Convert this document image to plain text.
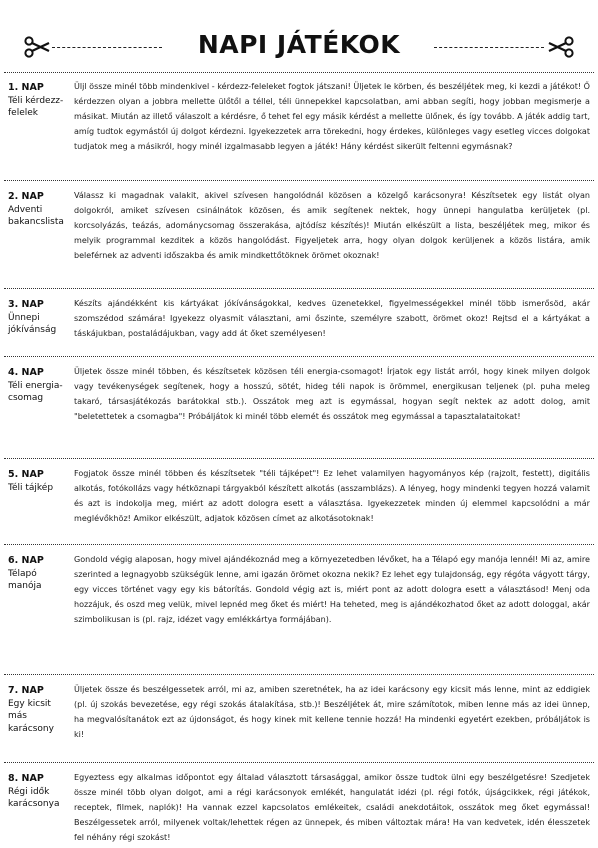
NAPI JÁTÉKOK
1. NAP
Téli kérdezz-felelek
Üljl össze minél több mindenkivel - kérdezz-feleleket fogtok játszani! Üljetek le körben, és beszéljétek meg, ki kezdi a játékot! Ő kérdezzen olyan a jobbra mellette ülőtől a téllel, téli ünnepekkel kapcsolatban, ami abban segíti, hogy jobban megismerje a másikat. Miután az illető válaszolt a kérdésre, ő tehet fel egy másik kérdést a mellette ülőnek, és így tovább. A játék addig tart, amíg tudtok egymástól új dolgot kérdezni. Igyekezzetek arra törekedni, hogy érdekes, különleges vagy esetleg vicces dolgokat tudjatok meg a másikról, hogy minél izgalmasabb legyen a játék! Hány kérdést sikerült feltenni egymásnak?
2. NAP
Adventi bakancslista
Válassz ki magadnak valakit, akivel szívesen hangolódnál közösen a közelgő karácsonyra! Készítsetek egy listát olyan dolgokról, amiket szívesen csinálnátok közösen, és amik segítenek nektek, hogy ünnepi hangulatba kerüljetek (pl. korcsolyázás, teázás, adománycsomag összerakása, ajtódísz készítés)! Miután elkészült a lista, beszéljétek meg, mikor és melyik programmal kezditek a közös hangolódást. Figyeljetek arra, hogy olyan dolgok kerüljenek a közös listára, amik beleférnek az adventi időszakba és amik mindkettőtöknek örömet okoznak!
3. NAP
Ünnepi jókívánság
Készíts ajándékként kis kártyákat jókívánságokkal, kedves üzenetekkel, figyelmességekkel minél több ismerősöd, akár szomszédod számára! Igyekezz olyasmit választani, ami őszinte, személyre szabott, örömet okoz! Rejtsd el a kártyákat a táskájukban, postaládájukban, vagy add át őket személyesen!
4. NAP
Téli energia-csomag
Üljetek össze minél többen, és készítsetek közösen téli energia-csomagot! Írjatok egy listát arról, hogy kinek milyen dolgok vagy tevékenységek segítenek, hogy a hosszú, sötét, hideg téli napok is örömmel, energikusan teljenek (pl. puha meleg takaró, társasjátékozás barátokkal stb.). Osszátok meg azt is egymással, hogyan segít nektek az adott dolog, amit "beletettetek a csomagba"! Próbáljátok ki minél több elemét és osszátok meg egymással a tapasztalataitokat!
5. NAP
Téli tájkép
Fogjatok össze minél többen és készítsetek "téli tájképet"! Ez lehet valamilyen hagyományos kép (rajzolt, festett), digitális alkotás, fotókollázs vagy hétköznapi tárgyakból készített alkotás (asszamblázs). A lényeg, hogy mindenki tegyen hozzá valamit és azt is indokolja meg, miért az adott dologra esett a választása. Igyekezzetek minden új elemmel kapcsolódni a már meglévőkhöz! Amikor elkészült, adjatok közösen címet az alkotásotoknak!
6. NAP
Télapó manója
Gondold végig alaposan, hogy mivel ajándékoznád meg a környezetedben lévőket, ha a Télapó egy manója lennél! Mi az, amire szerinted a legnagyobb szükségük lenne, ami igazán örömet okozna nekik? Ez lehet egy tulajdonság, egy régóta vágyott tárgy, egy vicces történet vagy egy kis bátorítás. Gondold végig azt is, miért pont az adott dologra esett a választásod! Menj oda hozzájuk, és oszd meg velük, mivel lepnéd meg őket és miért! Ha teheted, meg is ajándékozhatod őket az adott dologgal, akár szimbolikusan is (pl. rajz, idézet vagy emlékkártya formájában).
7. NAP
Egy kicsit más karácsony
Üljetek össze és beszélgessetek arról, mi az, amiben szeretnétek, ha az idei karácsony egy kicsit más lenne, mint az eddigiek (pl. új szokás bevezetése, egy régi szokás átalakítása, stb.)! Beszéljétek át, mire számítotok, miben lenne más az idei ünnep, ha megvalósítanátok ezt az újdonságot, és hogy kinek mit kellene tennie hozzá! Ha mindenki egyetért ezekben, próbáljátok is ki!
8. NAP
Régi idők karácsonya
Egyeztess egy alkalmas időpontot egy általad választott társasággal, amikor össze tudtok ülni egy beszélgetésre! Szedjetek össze minél több olyan dolgot, ami a régi karácsonyok emlékét, hangulatát idézi (pl. régi fotók, újságcikkek, régi játékok, receptek, filmek, naplók)! Ha vannak ezzel kapcsolatos emlékeitek, családi anekdotáitok, osszátok meg őket egymással! Beszélgessetek arról, milyenek voltak/lehettek régen az ünnepek, és miben változtak mára! Ha van kedvetek, idén élesszetek fel néhány régi szokást!
